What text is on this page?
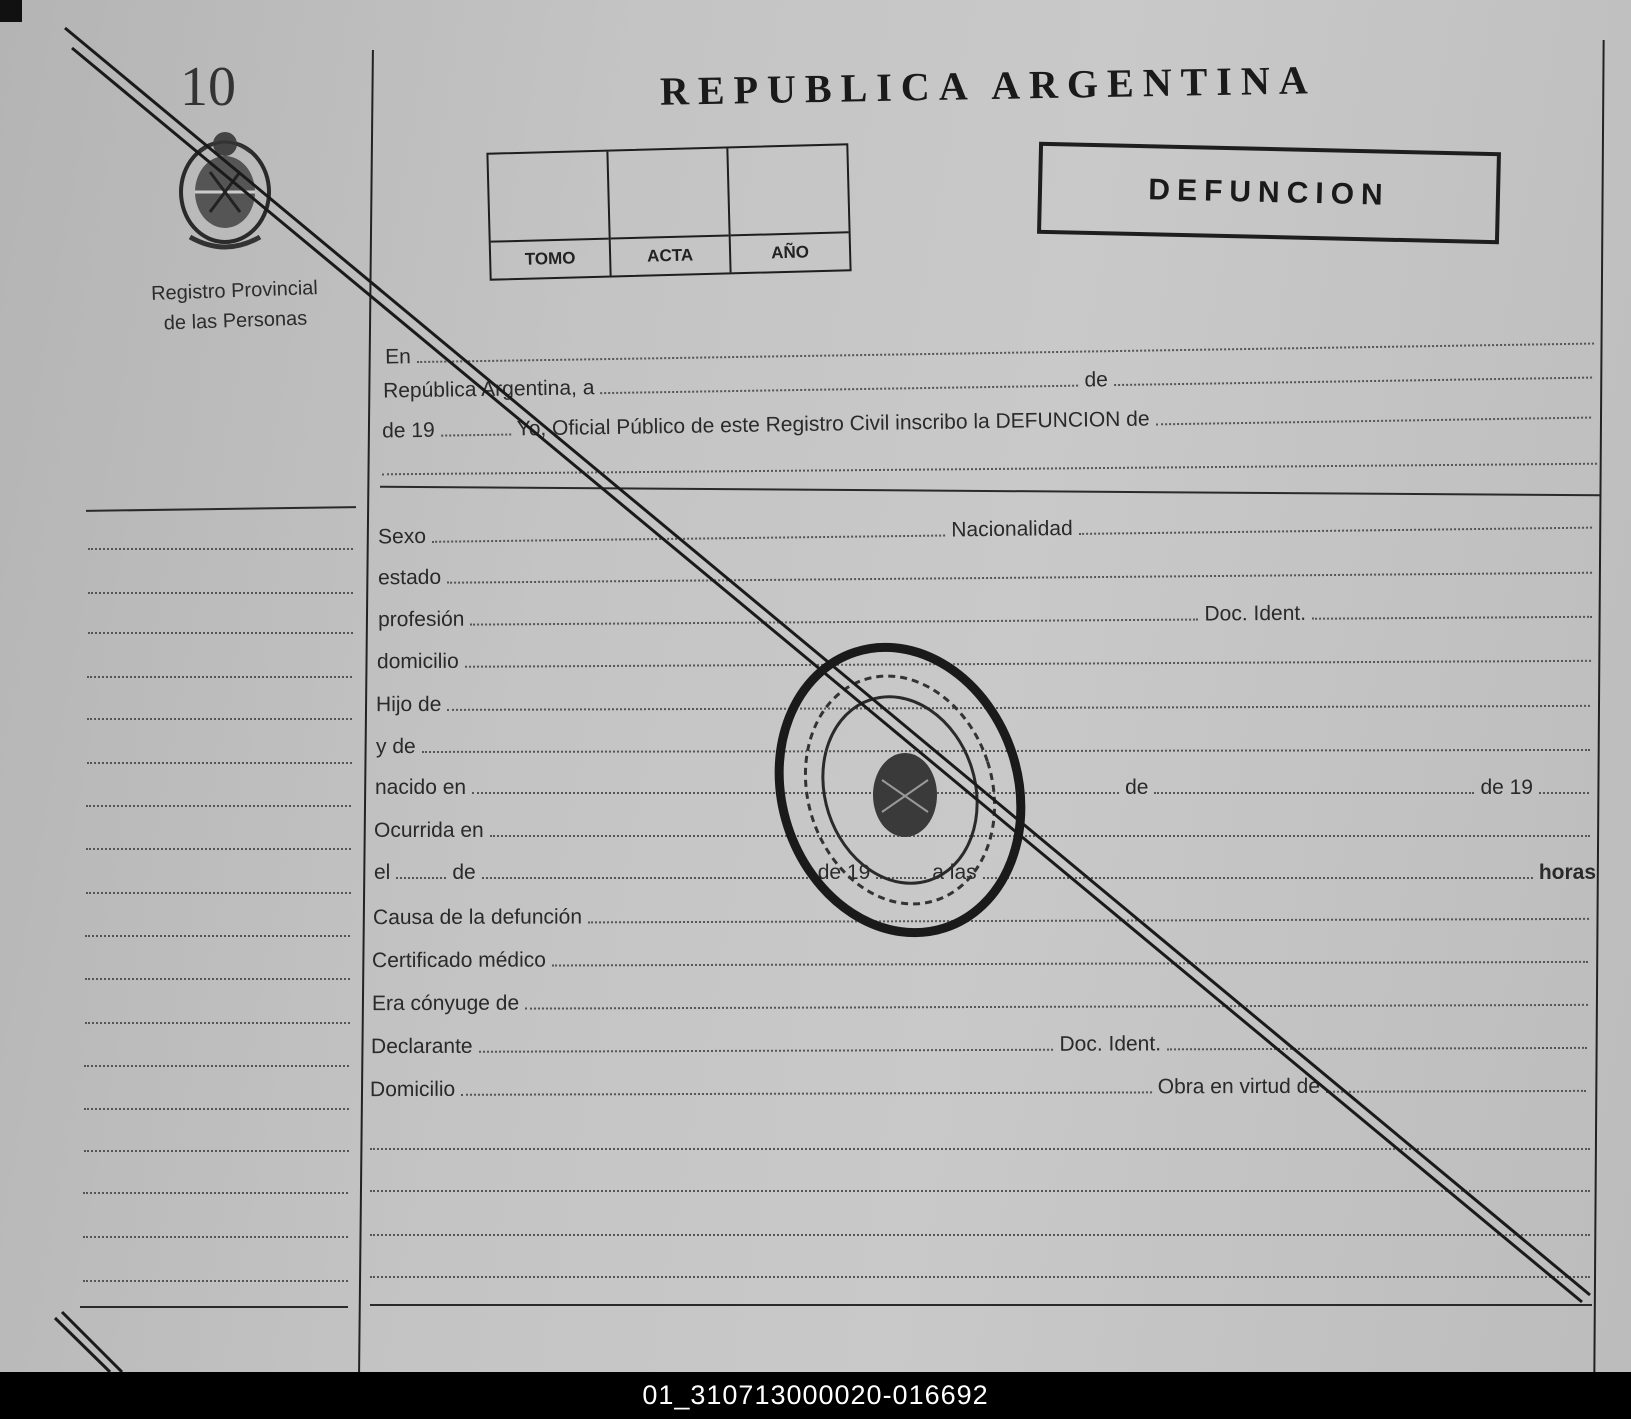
10
Registro Provincial
de las Personas
REPUBLICA ARGENTINA
TOMO	ACTA	AÑO
DEFUNCION
En
República Argentina, a	de
de 19	Yo, Oficial Público de este Registro Civil inscribo la DEFUNCION de
Sexo	Nacionalidad
estado
profesión	Doc. Ident.
domicilio
Hijo de
y de
nacido en	de	de 19
Ocurrida en
el	de	de 19	a las	horas
Causa de la defunción
Certificado médico
Era cónyuge de
Declarante	Doc. Ident.
Domicilio	Obra en virtud de
01_310713000020-016692
